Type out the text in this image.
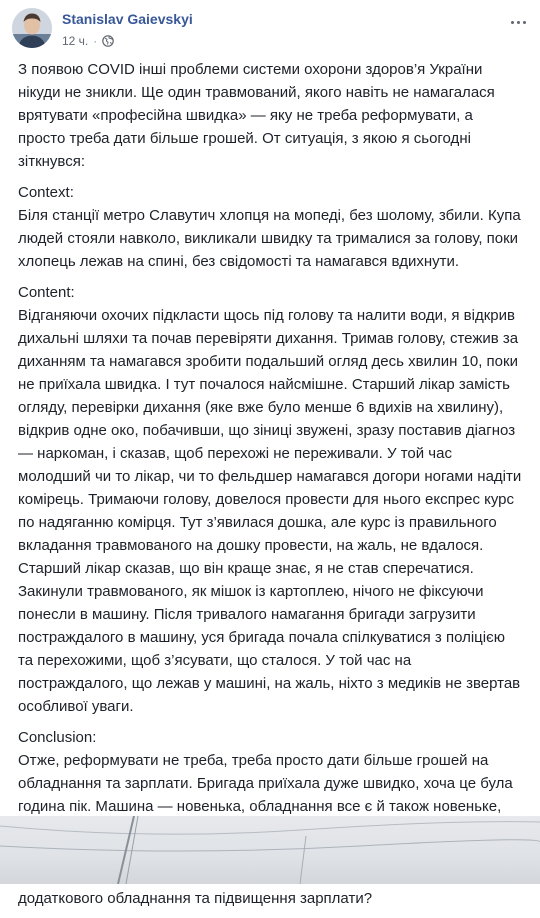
Stanislav Gaievskyi
12 ч. ·

З появою COVID інші проблеми системи охорони здоров’я України нікуди не зникли. Ще один травмований, якого навіть не намагалася врятувати «професійна швидка» — яку не треба реформувати, а просто треба дати більше грошей. От ситуація, з якою я сьогодні зіткнувся:

Context:
Біля станції метро Славутич хлопця на мопеді, без шолому, збили. Купа людей стояли навколо, викликали швидку та трималися за голову, поки хлопець лежав на спині, без свідомості та намагався вдихнути.

Content:
Відганяючи охочих підкласти щось під голову та налити води, я відкрив дихальні шляхи та почав перевіряти дихання. Тримав голову, стежив за диханням та намагався зробити подальший огляд десь хвилин 10, поки не приїхала швидка. І тут почалося найсмішне. Старший лікар замість огляду, перевірки дихання (яке вже було менше 6 вдихів на хвилину), відкрив одне око, побачивши, що зіниці звужені, зразу поставив діагноз — наркоман, і сказав, щоб перехожі не переживали. У той час молодший чи то лікар, чи то фельдшер намагався догори ногами надіти комірець. Тримаючи голову, довелося провести для нього експрес курс по надяганню комірця. Тут з’явилася дошка, але курс із правильного вкладання травмованого на дошку провести, на жаль, не вдалося. Старший лікар сказав, що він краще знає, я не став сперечатися. Закинули травмованого, як мішок із картоплею, нічого не фіксуючи понесли в машину. Після тривалого намагання бригади загрузити постраждалого в машину, уся бригада почала спілкуватися з поліцією та перехожими, щоб з’ясувати, що сталося. У той час на постраждалого, що лежав у машині, на жаль, ніхто з медиків не звертав особливої уваги.

Conclusion:
Отже, реформувати не треба, треба просто дати більше грошей на обладнання та зарплати. Бригада приїхала дуже швидко, хоча це була година пік. Машина — новенька, обладнання все є й також новеньке,                               додаткового обладнання та підвищення зарплати?
